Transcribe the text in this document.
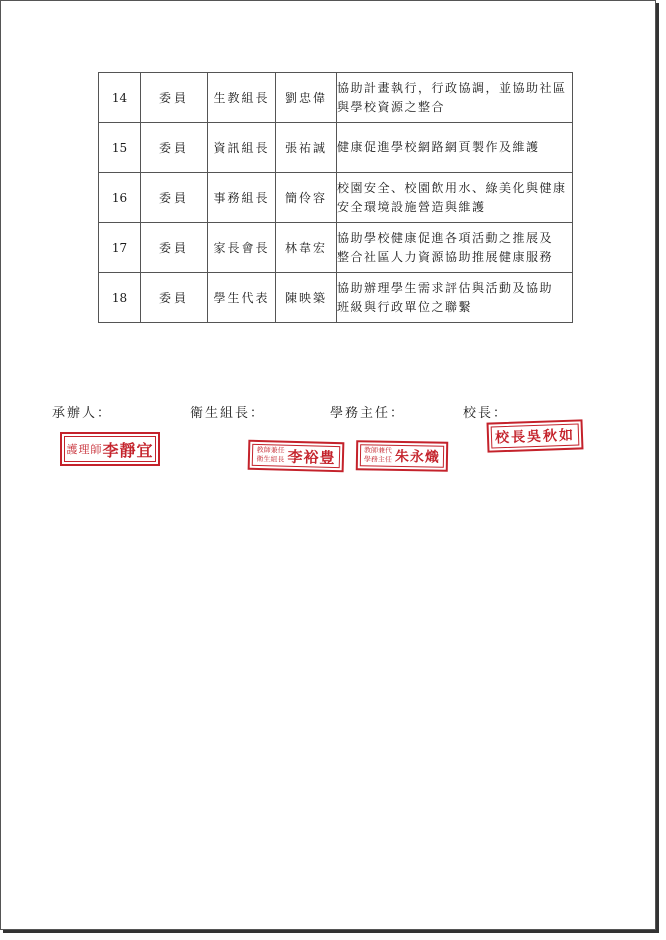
14	委員	生教組長	劉忠偉	協助計畫執行，行政協調，並協助社區
與學校資源之整合

15	委員	資訊組長	張祐誠	健康促進學校網路網頁製作及維護

16	委員	事務組長	簡伶容	校園安全、校園飲用水、綠美化與健康
安全環境設施營造與維護

17	委員	家長會長	林韋宏	協助學校健康促進各項活動之推展及
整合社區人力資源協助推展健康服務

18	委員	學生代表	陳映築	協助辦理學生需求評估與活動及協助
班級與行政單位之聯繫
承辦人：	衛生組長：	學務主任：	校長：
護理師 李靜宜	教師兼任
衛生組長 李裕豊	教師兼代
學務主任 朱永熾
校長吳秋如
